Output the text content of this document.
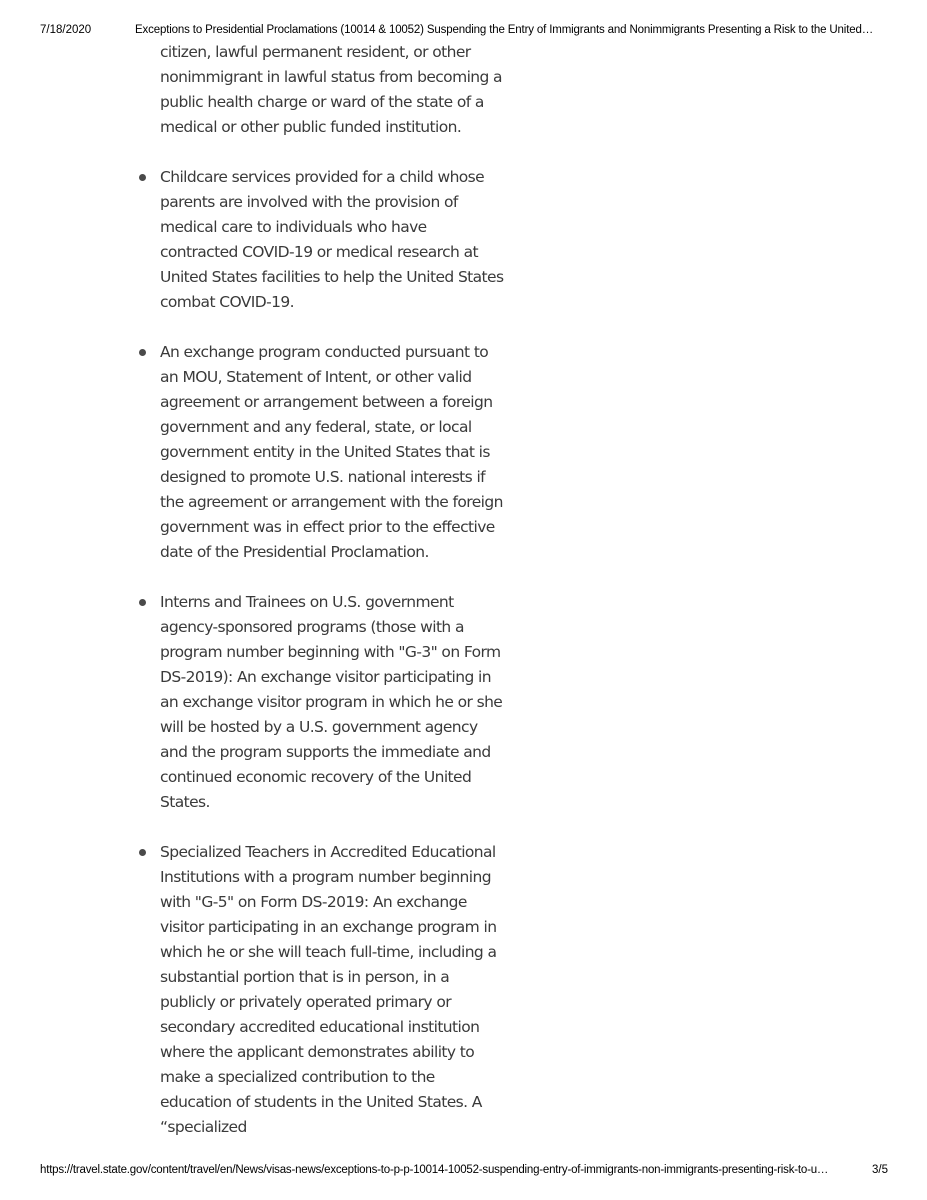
7/18/2020	Exceptions to Presidential Proclamations (10014 & 10052) Suspending the Entry of Immigrants and Nonimmigrants Presenting a Risk to the United…
citizen, lawful permanent resident, or other nonimmigrant in lawful status from becoming a public health charge or ward of the state of a medical or other public funded institution.
Childcare services provided for a child whose parents are involved with the provision of medical care to individuals who have contracted COVID-19 or medical research at United States facilities to help the United States combat COVID-19.
An exchange program conducted pursuant to an MOU, Statement of Intent, or other valid agreement or arrangement between a foreign government and any federal, state, or local government entity in the United States that is designed to promote U.S. national interests if the agreement or arrangement with the foreign government was in effect prior to the effective date of the Presidential Proclamation.
Interns and Trainees on U.S. government agency-sponsored programs (those with a program number beginning with "G-3" on Form DS-2019): An exchange visitor participating in an exchange visitor program in which he or she will be hosted by a U.S. government agency and the program supports the immediate and continued economic recovery of the United States.
Specialized Teachers in Accredited Educational Institutions with a program number beginning with "G-5" on Form DS-2019: An exchange visitor participating in an exchange program in which he or she will teach full-time, including a substantial portion that is in person, in a publicly or privately operated primary or secondary accredited educational institution where the applicant demonstrates ability to make a specialized contribution to the education of students in the United States. A “specialized
https://travel.state.gov/content/travel/en/News/visas-news/exceptions-to-p-p-10014-10052-suspending-entry-of-immigrants-non-immigrants-presenting-risk-to-u…	3/5
